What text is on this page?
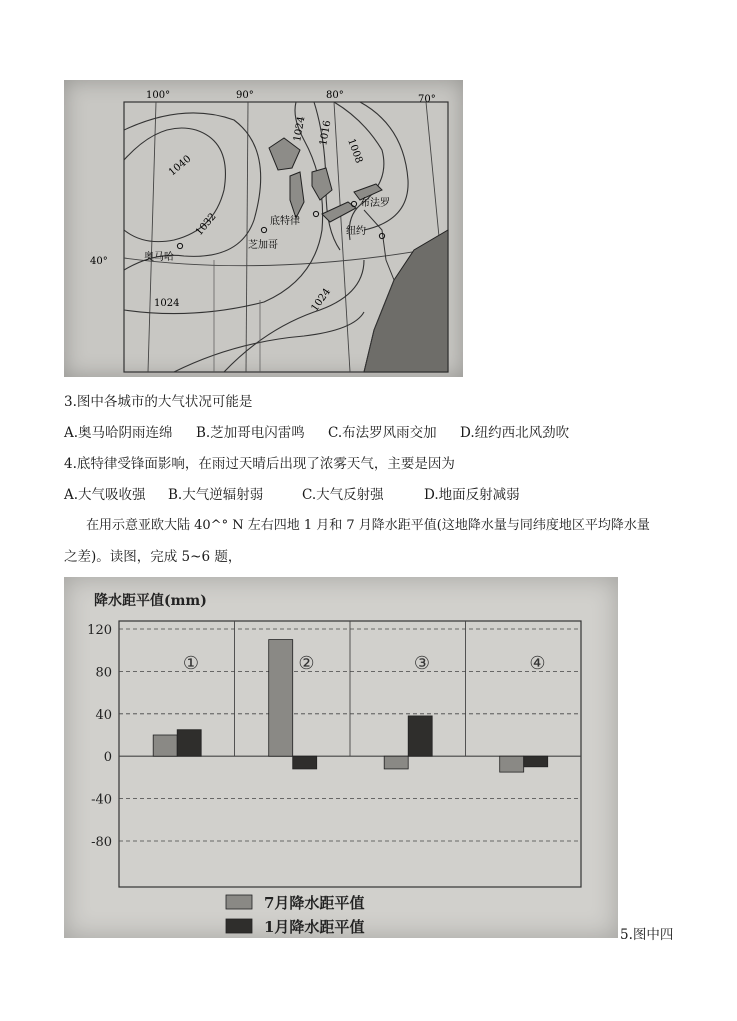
100°	90°	80°	70°
40°
1040
1032
1024 1016
1008
1024	1024
奥马哈
芝加哥
底特律
布法罗
纽约
3.图中各城市的大气状况可能是
A.奥马哈阴雨连绵 B.芝加哥电闪雷鸣 C.布法罗风雨交加 D.纽约西北风劲吹
4.底特律受锋面影响，在雨过天晴后出现了浓雾天气，主要是因为
A.大气吸收强 B.大气逆辐射弱	C.大气反射强	D.地面反射减弱
在用示意亚欧大陆 40^° N 左右四地 1 月和 7 月降水距平值(这地降水量与同纬度地区平均降水量
之差)。读图，完成 5~6 题，
降水距平值(mm)
120
80
40
0
-40
-80
①	②	③	④
7月降水距平值
1月降水距平值	5.图中四
